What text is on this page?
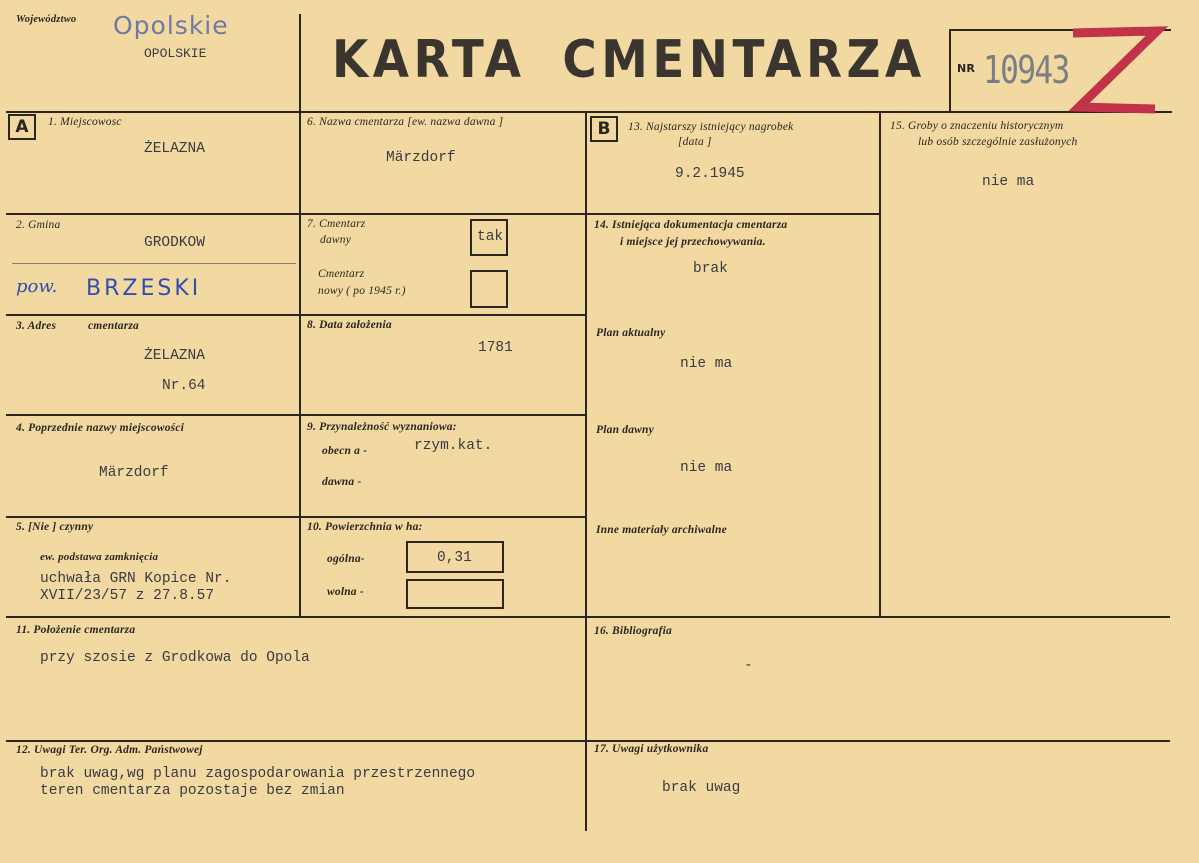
Województwo Opolskie
OPOLSKIE KARTA CMENTARZA	NR 10943
A	B
1. Miejscowosc
ŻELAZNA
2. Gmina
GRODKOW
pow. BRZESKI
3. Adres	cmentarza
ŻELAZNA
Nr.64
4. Poprzednie nazwy miejscowości
Märzdorf
5. [Nie ] czynny
ew. podstawa zamknięcia
uchwała GRN Kopice Nr.
XVII/23/57 z 27.8.57
6. Nazwa cmentarza [ew. nazwa dawna ]
Märzdorf
7. Cmentarz
dawny	tak
Cmentarz
nowy ( po 1945 r.)
8. Data założenia
1781
9. Przynależność wyznaniowa:
obecn a -	rzym.kat.
dawna -
10. Powierzchnia w ha:
ogólna-	0,31
wolna -
11. Położenie cmentarza
przy szosie z Grodkowa do Opola
12. Uwagi Ter. Org. Adm. Państwowej
brak uwag,wg planu zagospodarowania przestrzennego
teren cmentarza pozostaje bez zmian
13. Najstarszy istniejący nagrobek
[data ]
9.2.1945
14. Istniejąca dokumentacja cmentarza
i miejsce jej przechowywania.
brak
Plan aktualny
nie ma
Plan dawny
nie ma
Inne materiały archiwalne
15. Groby o znaczeniu historycznym
lub osób szczególnie zasłużonych
nie ma
16. Bibliografia
-
17. Uwagi użytkownika
brak uwag
